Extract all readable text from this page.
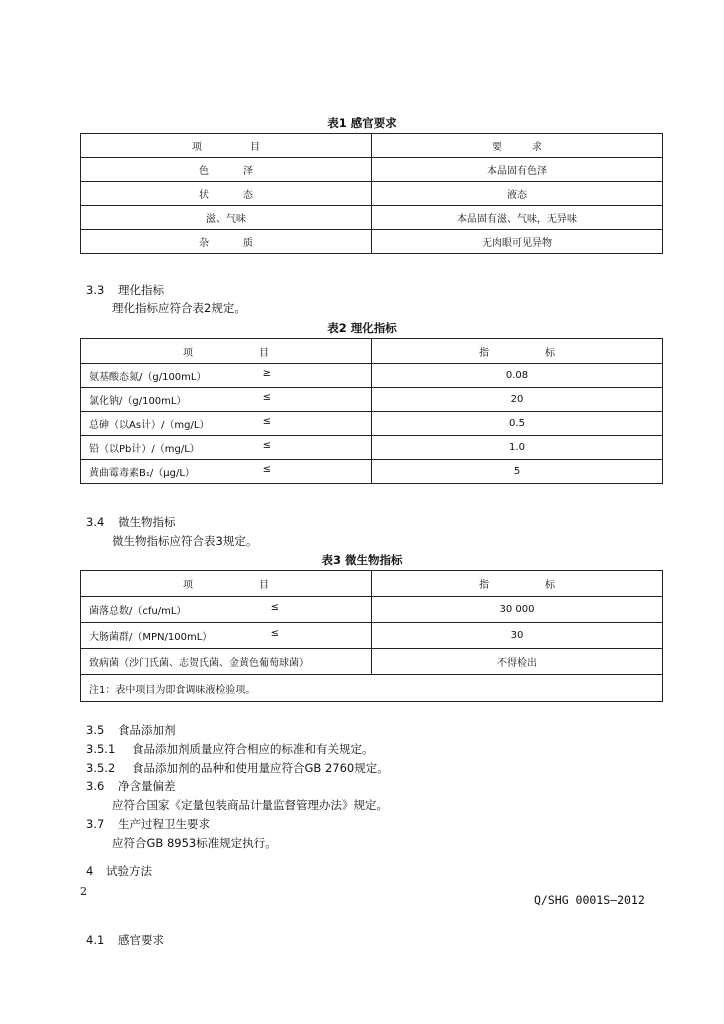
表1 感官要求
项 目	要 求
色 泽	本品固有色泽
状 态	液态
滋、气味	本品固有滋、气味，无异味
杂 质	无肉眼可见异物
3.3 理化指标
理化指标应符合表2规定。
表2 理化指标
项 目	指 标
氨基酸态氮/（g/100mL） ≥	0.08
氯化钠/（g/100mL） ≤	20
总砷（以As计）/（mg/L） ≤	0.5
铅（以Pb计）/（mg/L） ≤	1.0
黄曲霉毒素B₁/（μg/L） ≤	5
3.4 微生物指标
微生物指标应符合表3规定。
表3 微生物指标
项 目	指 标
菌落总数/（cfu/mL） ≤	30 000
大肠菌群/（MPN/100mL） ≤	30
致病菌（沙门氏菌、志贺氏菌、金黄色葡萄球菌）	不得检出
注1：表中项目为即食调味液检验项。	
3.5 食品添加剂
3.5.1 食品添加剂质量应符合相应的标准和有关规定。
3.5.2 食品添加剂的品种和使用量应符合GB 2760规定。
3.6 净含量偏差
应符合国家《定量包装商品计量监督管理办法》规定。
3.7 生产过程卫生要求
应符合GB 8953标准规定执行。
4 试验方法
2
Q/SHG 0001S—2012
4.1 感官要求
